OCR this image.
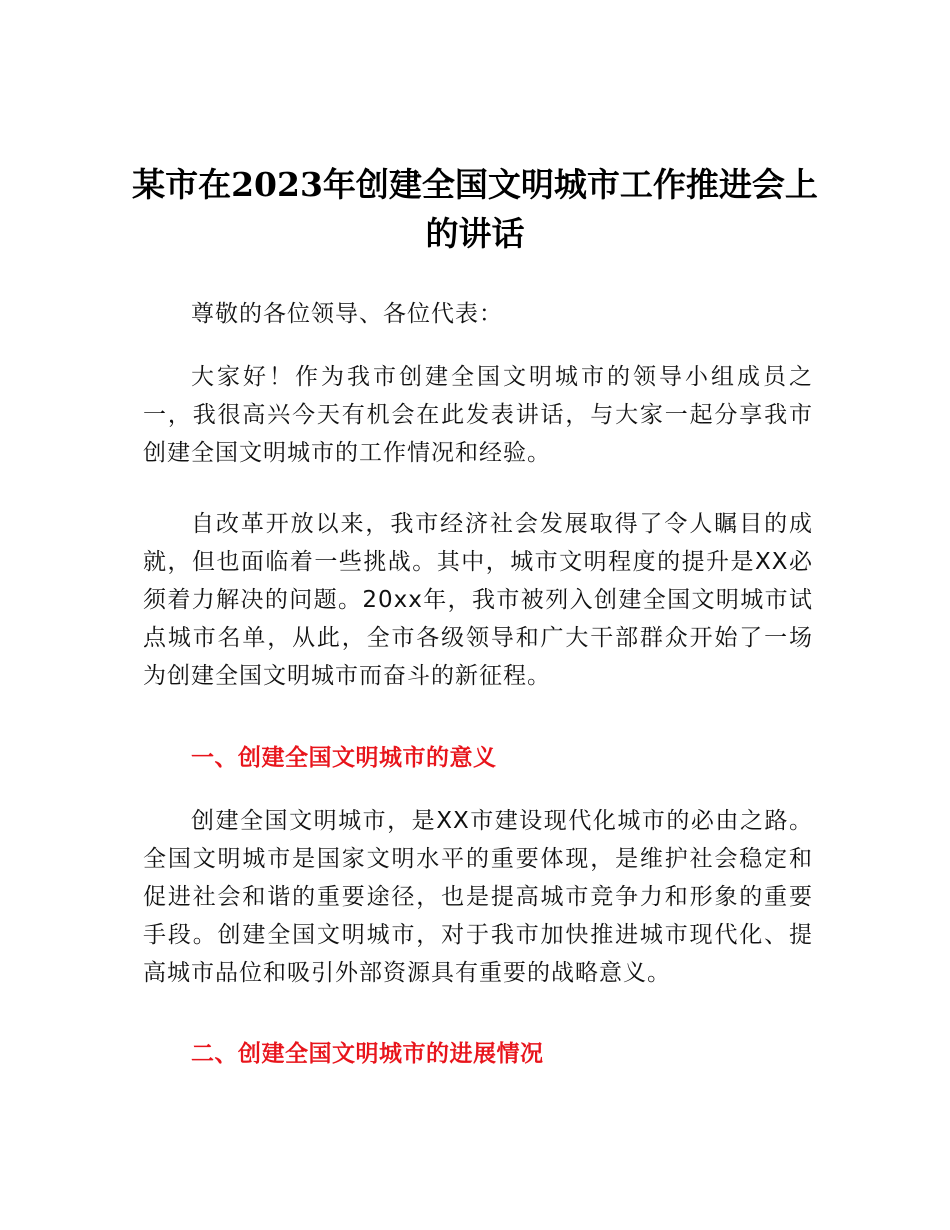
某市在2023年创建全国文明城市工作推进会上的讲话

尊敬的各位领导、各位代表：

大家好！作为我市创建全国文明城市的领导小组成员之一，我很高兴今天有机会在此发表讲话，与大家一起分享我市创建全国文明城市的工作情况和经验。

自改革开放以来，我市经济社会发展取得了令人瞩目的成就，但也面临着一些挑战。其中，城市文明程度的提升是XX必须着力解决的问题。20xx年，我市被列入创建全国文明城市试点城市名单，从此，全市各级领导和广大干部群众开始了一场为创建全国文明城市而奋斗的新征程。

一、创建全国文明城市的意义

创建全国文明城市，是XX市建设现代化城市的必由之路。全国文明城市是国家文明水平的重要体现，是维护社会稳定和促进社会和谐的重要途径，也是提高城市竞争力和形象的重要手段。创建全国文明城市，对于我市加快推进城市现代化、提高城市品位和吸引外部资源具有重要的战略意义。

二、创建全国文明城市的进展情况
